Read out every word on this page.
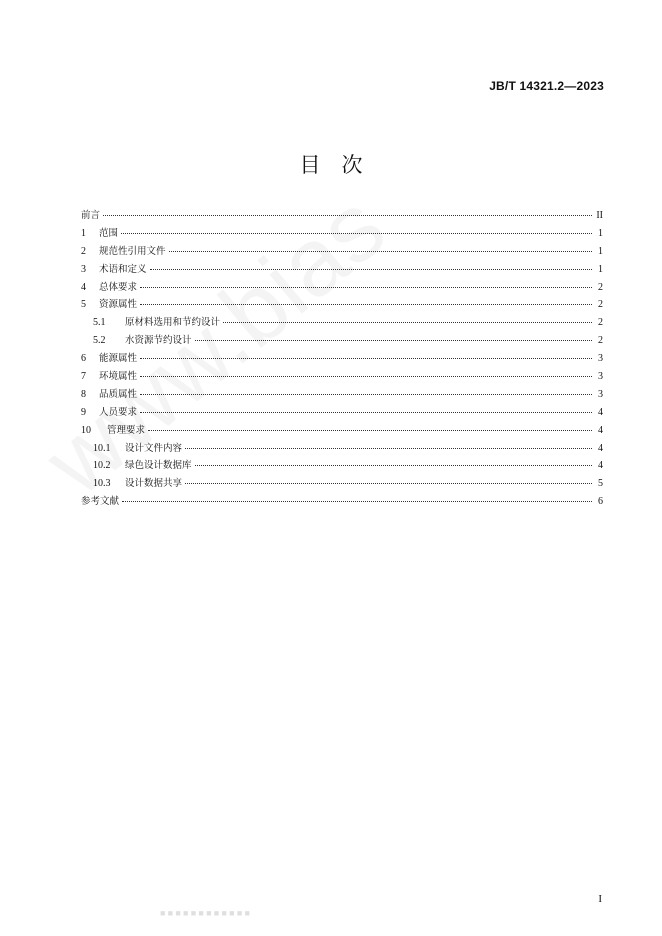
JB/T 14321.2—2023
目　次
前言	II
1	范围	1
2	规范性引用文件	1
3	术语和定义	1
4	总体要求	2
5	资源属性	2
5.1	原材料选用和节约设计	2
5.2	水资源节约设计	2
6	能源属性	3
7	环境属性	3
8	品质属性	3
9	人员要求	4
10	管理要求	4
10.1	设计文件内容	4
10.2	绿色设计数据库	4
10.3	设计数据共享	5
参考文献	6
I
■ ■ ■ ■ ■ ■ ■ ■ ■ ■ ■ ■
